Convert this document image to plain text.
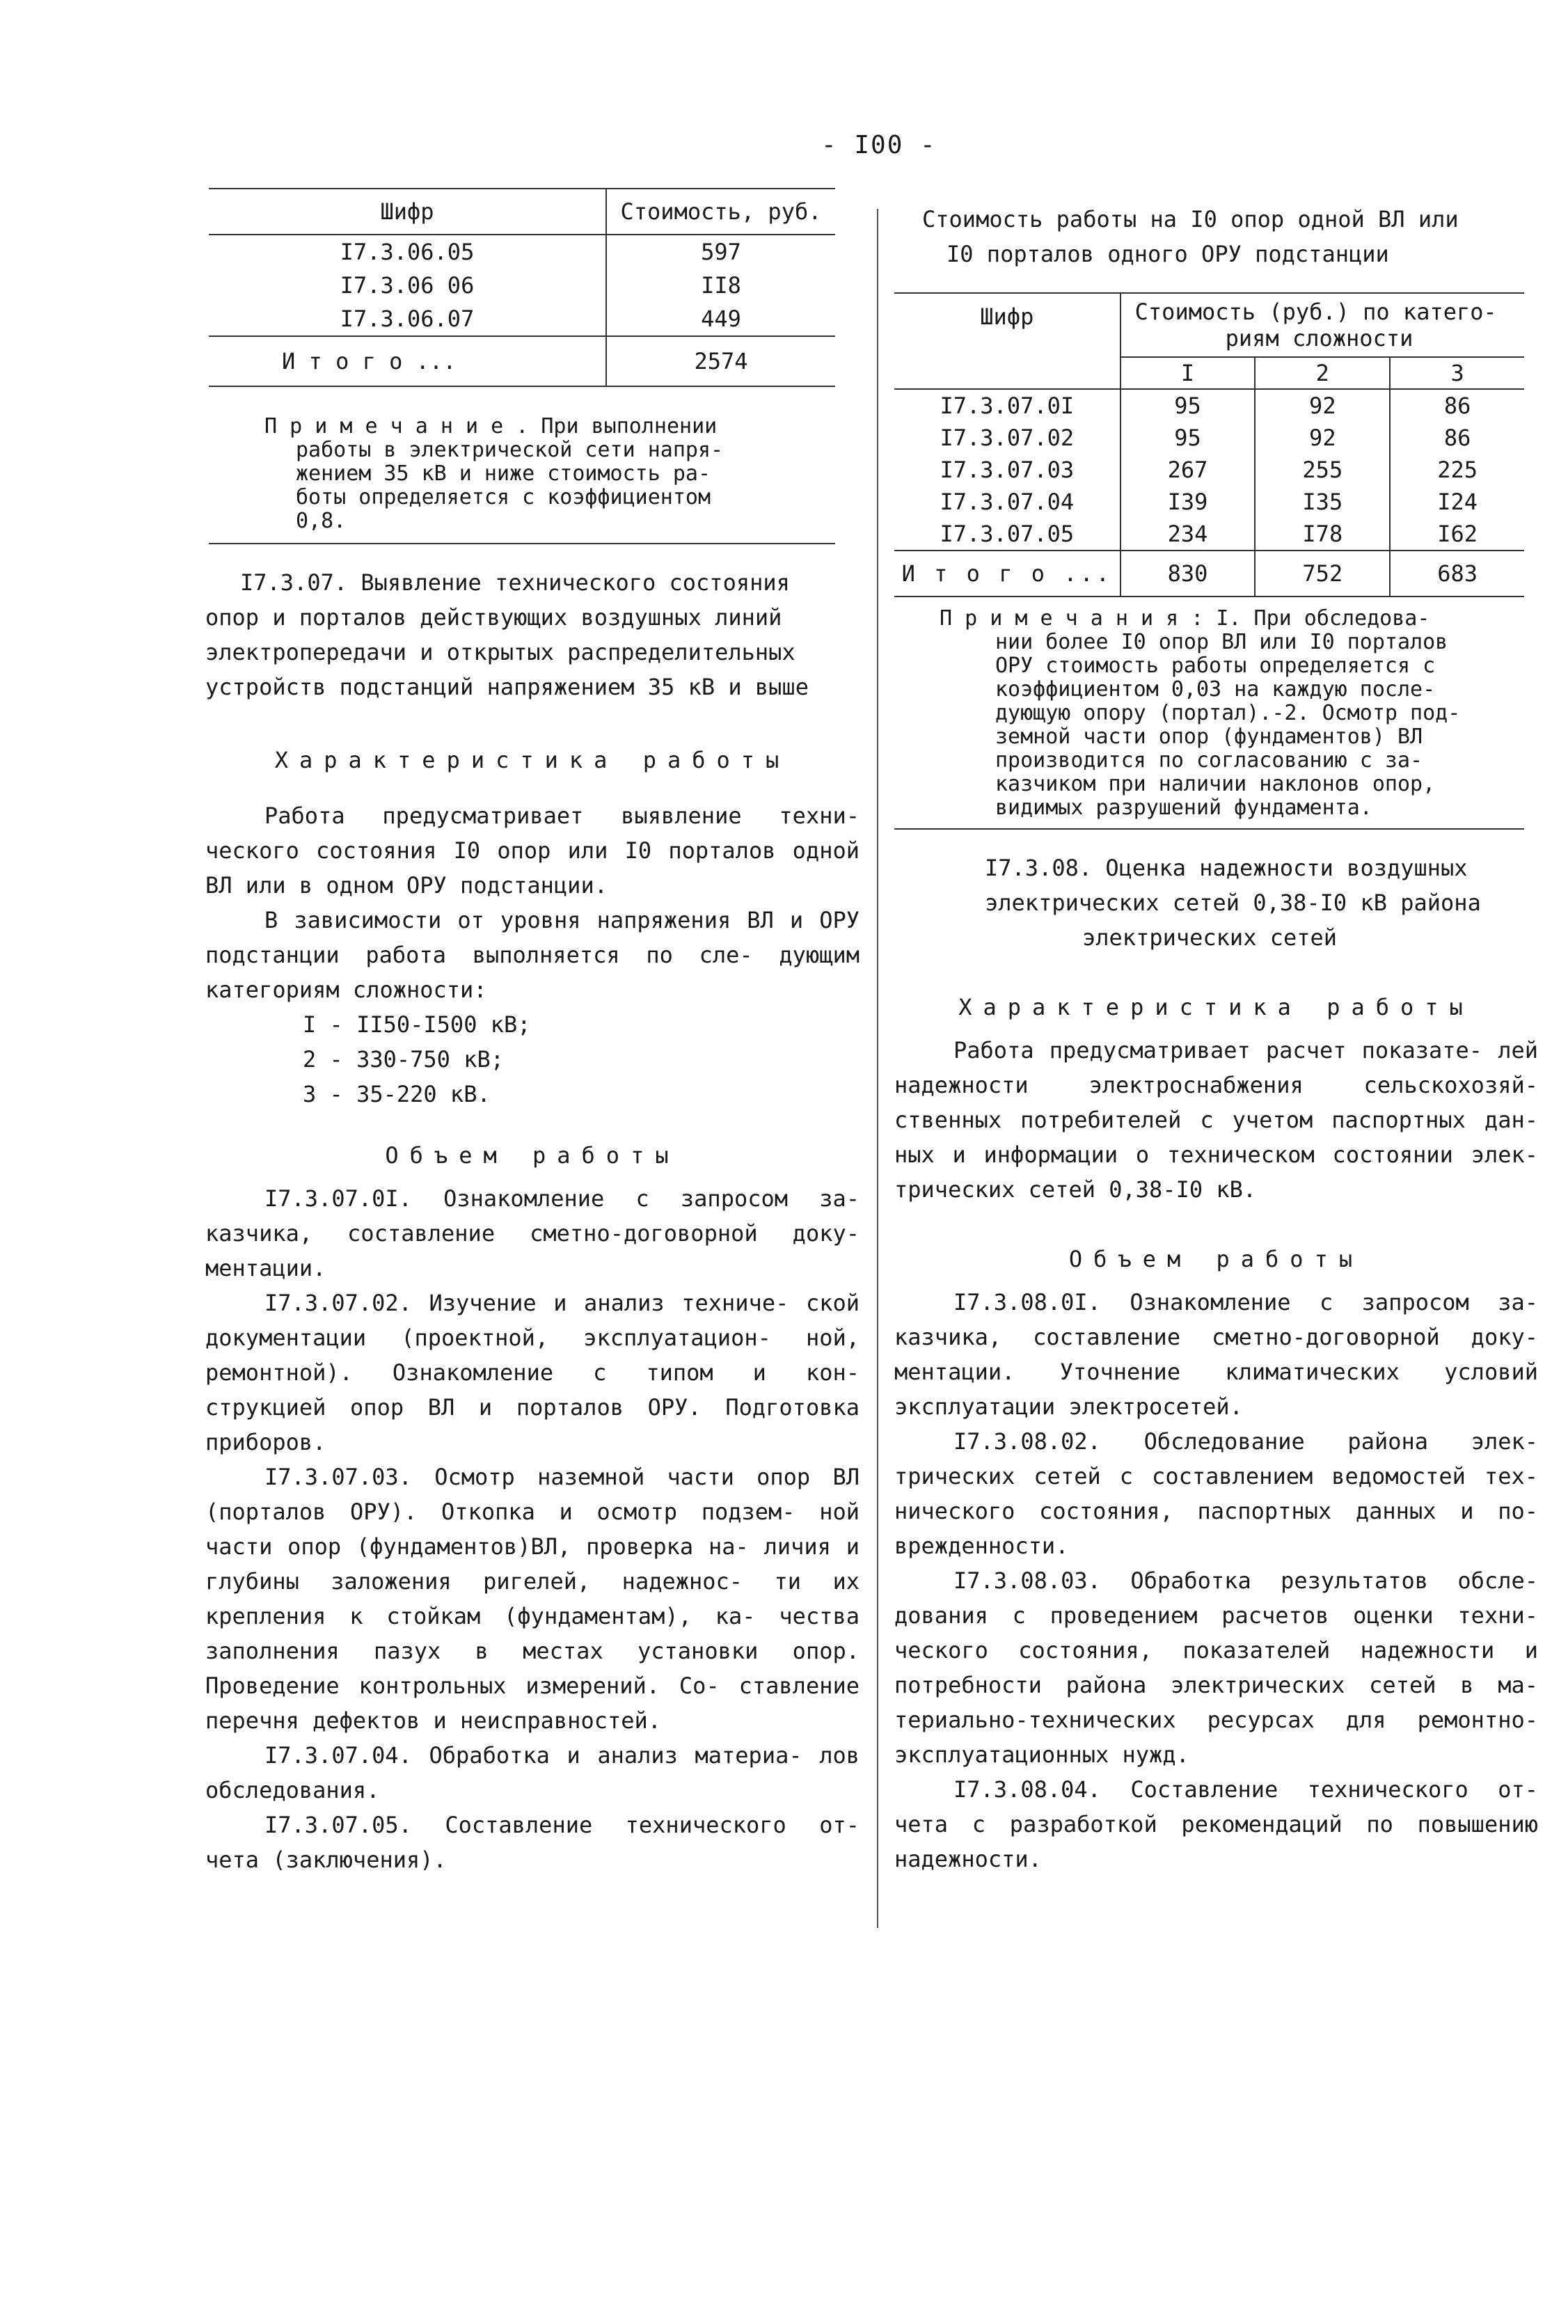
- I00 -
Шифр	Стоимость, руб.
I7.3.06.05	597
I7.3.06 06	II8
I7.3.06.07	449
И т о г о ...	2574

П р и м е ч а н и е . При выполнении

работы в электрической сети напря-

жением 35 кВ и ниже стоимость ра-

боты определяется с коэффициентом

0,8.

I7.3.07. Выявление технического состояния

опор и порталов действующих воздушных линий

электропередачи и открытых распределительных

устройств подстанций напряжением 35 кВ и выше

Характеристика работы

Работа предусматривает выявление техни- ческого состояния I0 опор или I0 порталов одной ВЛ или в одном ОРУ подстанции.

В зависимости от уровня напряжения ВЛ и ОРУ подстанции работа выполняется по сле- дующим категориям сложности:

I - II50-I500 кВ;

2 - 330-750 кВ;

3 - 35-220 кВ.

Объем работы

I7.3.07.0I. Ознакомление с запросом за- казчика, составление сметно-договорной доку- ментации.

I7.3.07.02. Изучение и анализ техниче- ской документации (проектной, эксплуатацион- ной, ремонтной). Ознакомление с типом и кон- струкцией опор ВЛ и порталов ОРУ. Подготовка приборов.

I7.3.07.03. Осмотр наземной части опор ВЛ (порталов ОРУ). Откопка и осмотр подзем- ной части опор (фундаментов)ВЛ, проверка на- личия и глубины заложения ригелей, надежнос- ти их крепления к стойкам (фундаментам), ка- чества заполнения пазух в местах установки опор. Проведение контрольных измерений. Со- ставление перечня дефектов и неисправностей.

I7.3.07.04. Обработка и анализ материа- лов обследования.

I7.3.07.05. Составление технического от- чета (заключения).

Стоимость работы на I0 опор одной ВЛ или

I0 порталов одного ОРУ подстанции

Шифр	Стоимость (руб.) по катего-
риям сложности		
	I	2	3
I7.3.07.0I	95	92	86
I7.3.07.02	95	92	86
I7.3.07.03	267	255	225
I7.3.07.04	I39	I35	I24
I7.3.07.05	234	I78	I62
И т о г о ...	830	752	683

П р и м е ч а н и я : I. При обследова-

нии более I0 опор ВЛ или I0 порталов

ОРУ стоимость работы определяется с

коэффициентом 0,03 на каждую после-

дующую опору (портал).-2. Осмотр под-

земной части опор (фундаментов) ВЛ

производится по согласованию с за-

казчиком при наличии наклонов опор,

видимых разрушений фундамента.

I7.3.08. Оценка надежности воздушных

электрических сетей 0,38-I0 кВ района

электрических сетей

Характеристика работы

Работа предусматривает расчет показате- лей надежности электроснабжения сельскохозяй- ственных потребителей с учетом паспортных дан- ных и информации о техническом состоянии элек- трических сетей 0,38-I0 кВ.

Объем работы

I7.3.08.0I. Ознакомление с запросом за- казчика, составление сметно-договорной доку- ментации. Уточнение климатических условий эксплуатации электросетей.

I7.3.08.02. Обследование района элек- трических сетей с составлением ведомостей тех- нического состояния, паспортных данных и по- врежденности.

I7.3.08.03. Обработка результатов обсле- дования с проведением расчетов оценки техни- ческого состояния, показателей надежности и потребности района электрических сетей в ма- териально-технических ресурсах для ремонтно- эксплуатационных нужд.

I7.3.08.04. Составление технического от- чета с разработкой рекомендаций по повышению надежности.
